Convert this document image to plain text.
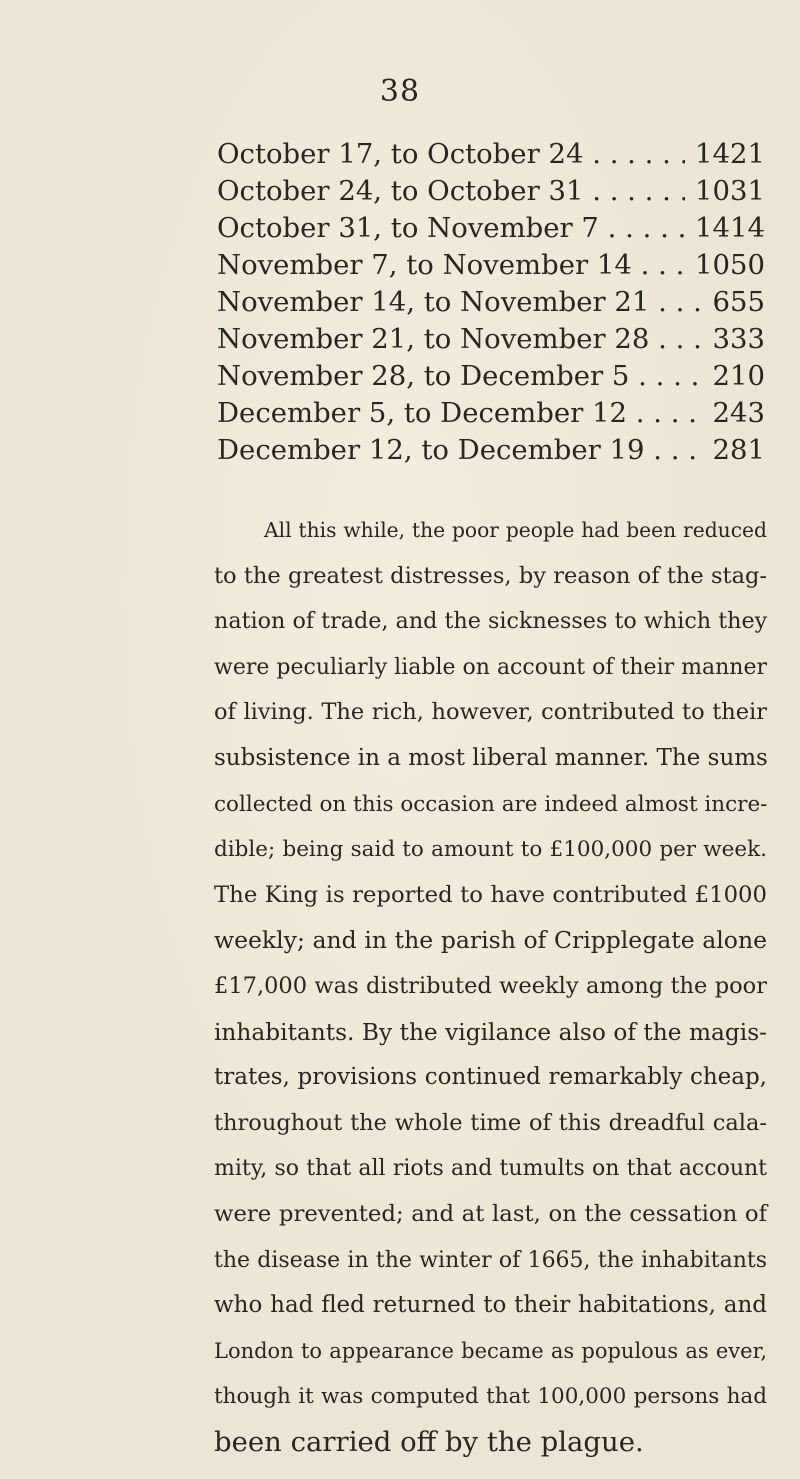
38
October 17, to October 24 . . .	1421
October 24, to October 31 . . .	1031
October 31, to November 7 . . .	1414
November 7, to November 14 . . .	1050
November 14, to November 21 . . .	655
November 21, to November 28 . . .	333
November 28, to December 5 . . .	210
December 5, to December 12 . . .	243
December 12, to December 19 . . .	281
All this while, the poor people had been reduced
to the greatest distresses, by reason of the stag-
nation of trade, and the sicknesses to which they
were peculiarly liable on account of their manner
of living. The rich, however, contributed to their
subsistence in a most liberal manner. The sums
collected on this occasion are indeed almost incre-
dible; being said to amount to £100,000 per week.
The King is reported to have contributed £1000
weekly; and in the parish of Cripplegate alone
£17,000 was distributed weekly among the poor
inhabitants. By the vigilance also of the magis-
trates, provisions continued remarkably cheap,
throughout the whole time of this dreadful cala-
mity, so that all riots and tumults on that account
were prevented; and at last, on the cessation of
the disease in the winter of 1665, the inhabitants
who had fled returned to their habitations, and
London to appearance became as populous as ever,
though it was computed that 100,000 persons had
been carried off by the plague.
